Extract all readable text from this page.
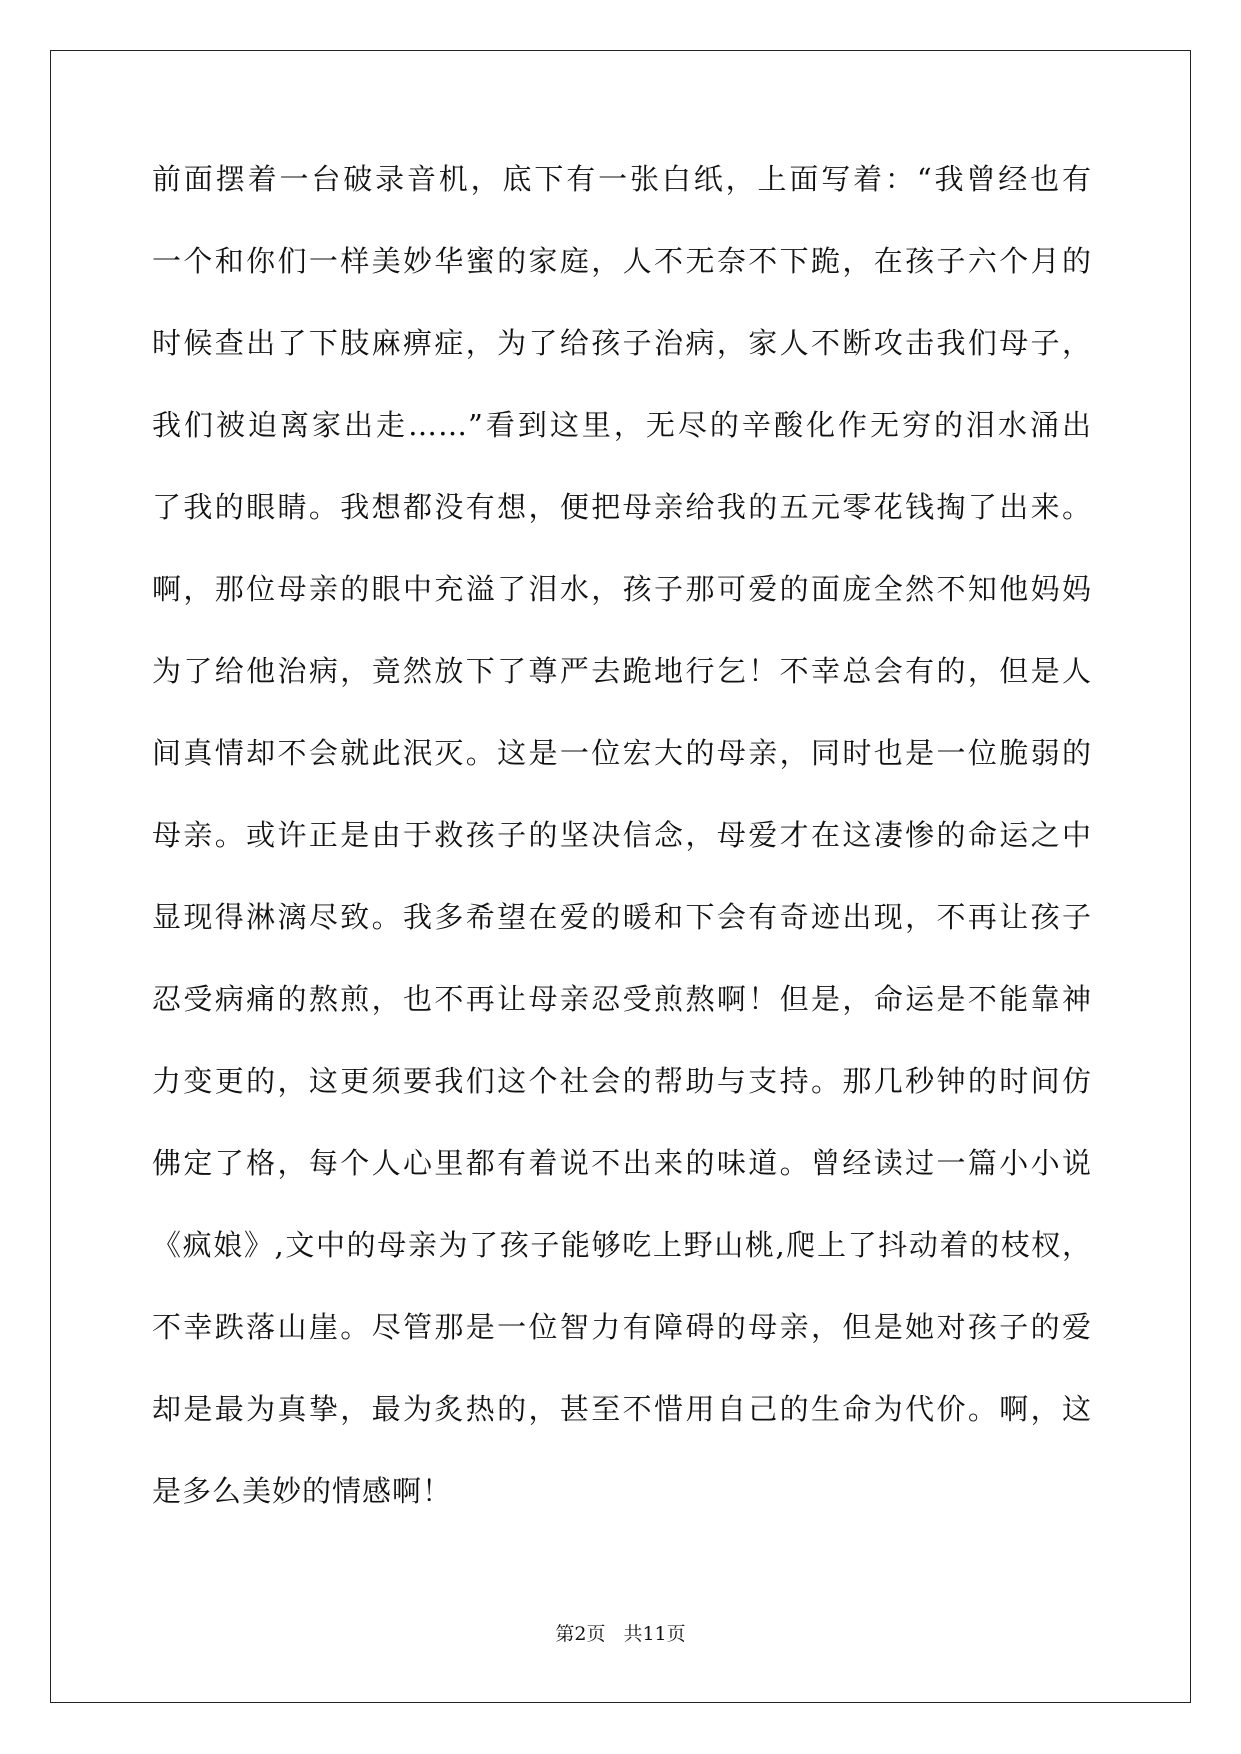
前面摆着一台破录音机，底下有一张白纸，上面写着：“我曾经也有
一个和你们一样美妙华蜜的家庭，人不无奈不下跪，在孩子六个月的
时候查出了下肢麻痹症，为了给孩子治病，家人不断攻击我们母子，
我们被迫离家出走……”看到这里，无尽的辛酸化作无穷的泪水涌出
了我的眼睛。我想都没有想，便把母亲给我的五元零花钱掏了出来。
啊，那位母亲的眼中充溢了泪水，孩子那可爱的面庞全然不知他妈妈
为了给他治病，竟然放下了尊严去跪地行乞！不幸总会有的，但是人
间真情却不会就此泯灭。这是一位宏大的母亲，同时也是一位脆弱的
母亲。或许正是由于救孩子的坚决信念，母爱才在这凄惨的命运之中
显现得淋漓尽致。我多希望在爱的暖和下会有奇迹出现，不再让孩子
忍受病痛的熬煎，也不再让母亲忍受煎熬啊！但是，命运是不能靠神
力变更的，这更须要我们这个社会的帮助与支持。那几秒钟的时间仿
佛定了格，每个人心里都有着说不出来的味道。曾经读过一篇小小说
《疯娘》,文中的母亲为了孩子能够吃上野山桃,爬上了抖动着的枝杈，
不幸跌落山崖。尽管那是一位智力有障碍的母亲，但是她对孩子的爱
却是最为真挚，最为炙热的，甚至不惜用自己的生命为代价。啊，这
是多么美妙的情感啊！
第2页 共11页
